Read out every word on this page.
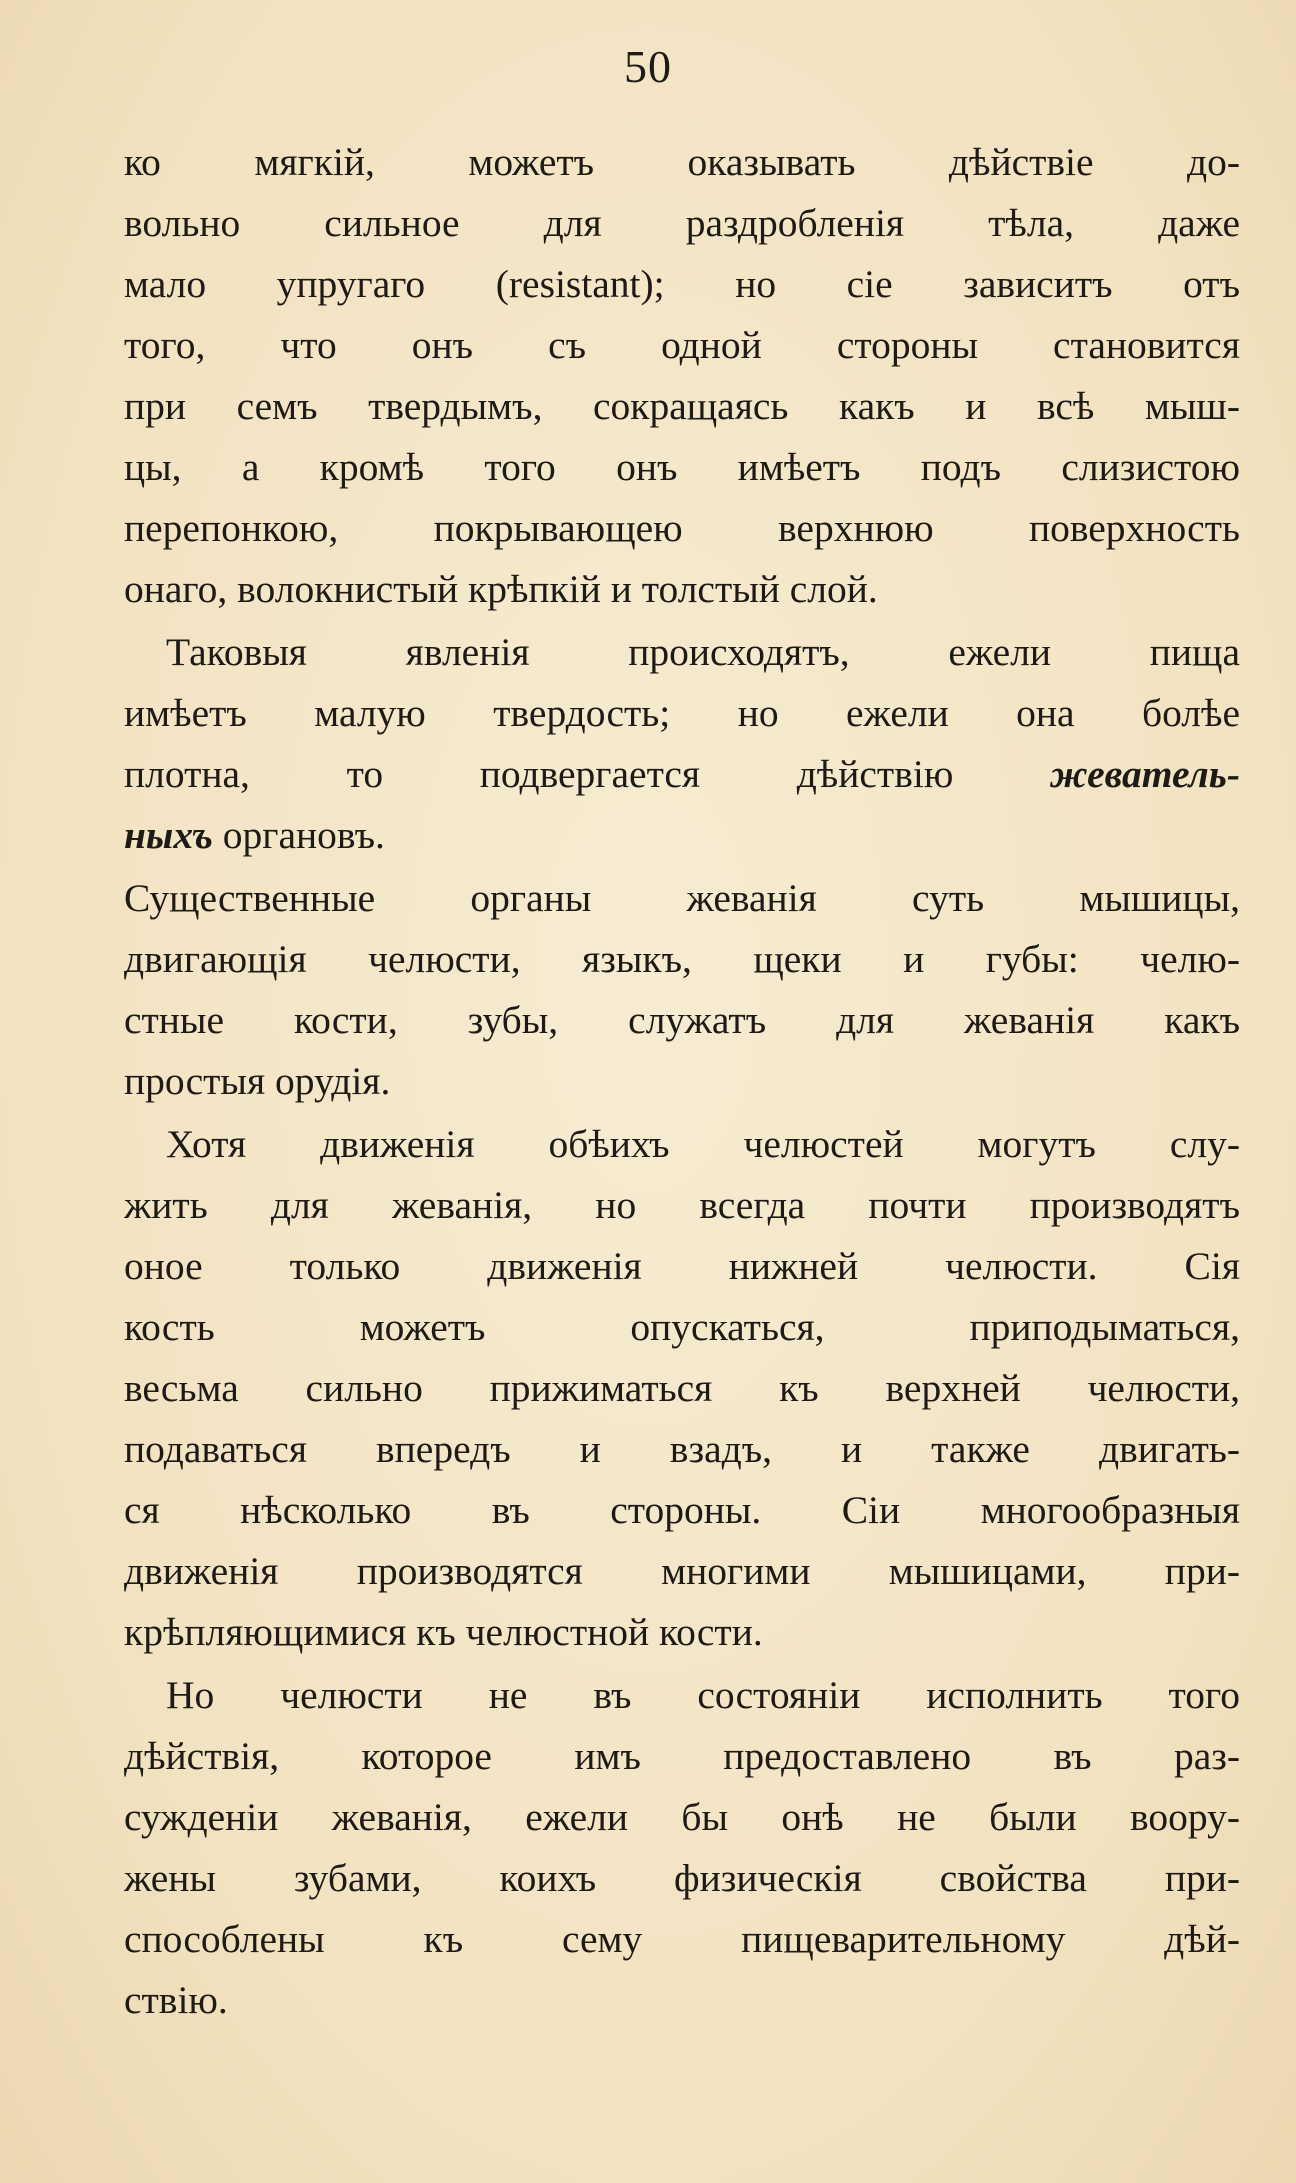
50
ко мягкій, можетъ оказывать дѣйствіе до-
вольно сильное для раздробленія тѣла, даже
мало упругаго (resistant); но сіе зависитъ отъ
того, что онъ съ одной стороны становится
при семъ твердымъ, сокращаясь какъ и всѣ мыш-
цы, а кромѣ того онъ имѣетъ подъ слизистою
перепонкою, покрывающею верхнюю поверхность
онаго, волокнистый крѣпкій и толстый слой.
Таковыя явленія происходятъ, ежели пища
имѣетъ малую твердость; но ежели она болѣе
плотна, то подвергается дѣйствію жеватель-
ныхъ органовъ.
Существенные органы жеванія суть мышицы,
двигающія челюсти, языкъ, щеки и губы: челю-
стные кости, зубы, служатъ для жеванія какъ
простыя орудія.
Хотя движенія обѣихъ челюстей могутъ слу-
жить для жеванія, но всегда почти производятъ
оное только движенія нижней челюсти. Сія
кость можетъ опускаться, приподыматься,
весьма сильно прижиматься къ верхней челюсти,
подаваться впередъ и взадъ, и также двигать-
ся нѣсколько въ стороны. Сіи многообразныя
движенія производятся многими мышицами, при-
крѣпляющимися къ челюстной кости.
Но челюсти не въ состояніи исполнить того
дѣйствія, которое имъ предоставлено въ раз-
сужденіи жеванія, ежели бы онѣ не были воору-
жены зубами, коихъ физическія свойства при-
способлены къ сему пищеварительному дѣй-
ствію.
